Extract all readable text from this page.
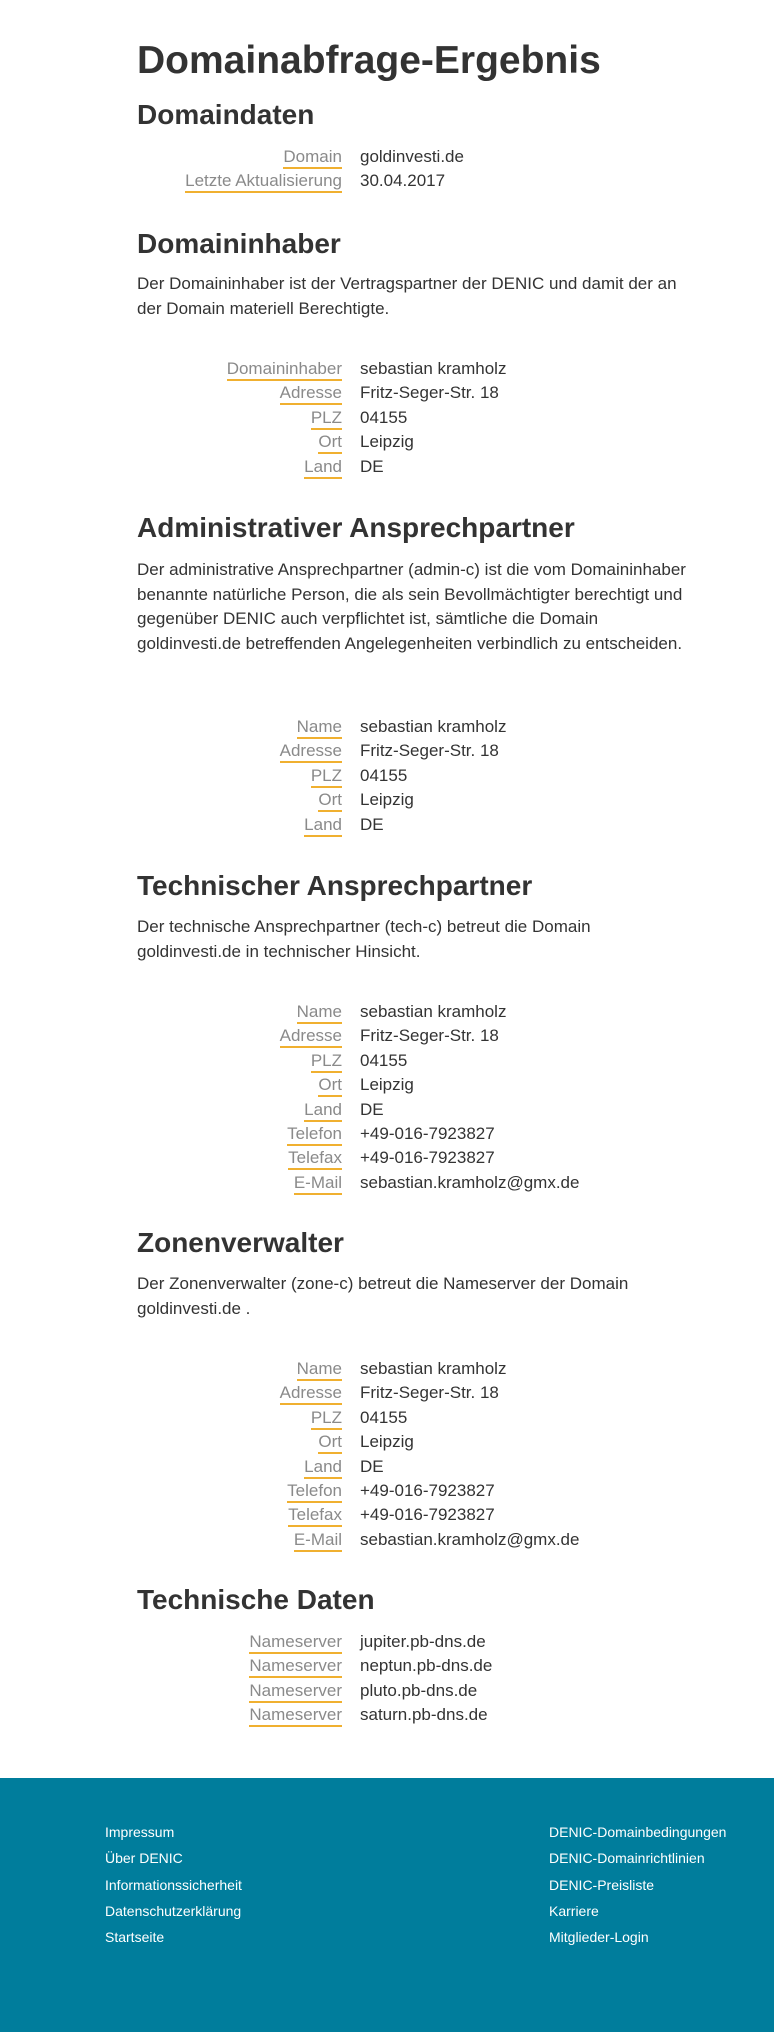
Domainabfrage-Ergebnis
Domaindaten
Domain goldinvesti.de
Letzte Aktualisierung 30.04.2017
Domaininhaber

Der Domaininhaber ist der Vertragspartner der DENIC und damit der an der Domain materiell Berechtigte.

Domaininhaber sebastian kramholz
Adresse Fritz-Seger-Str. 18
PLZ 04155
Ort Leipzig
Land DE
Administrativer Ansprechpartner

Der administrative Ansprechpartner (admin-c) ist die vom Domaininhaber benannte natürliche Person, die als sein Bevollmächtigter berechtigt und gegenüber DENIC auch verpflichtet ist, sämtliche die Domain goldinvesti.de betreffenden Angelegenheiten verbindlich zu entscheiden.

Name sebastian kramholz
Adresse Fritz-Seger-Str. 18
PLZ 04155
Ort Leipzig
Land DE
Technischer Ansprechpartner

Der technische Ansprechpartner (tech-c) betreut die Domain goldinvesti.de in technischer Hinsicht.

Name sebastian kramholz
Adresse Fritz-Seger-Str. 18
PLZ 04155
Ort Leipzig
Land DE
Telefon +49-016-7923827
Telefax +49-016-7923827
E-Mail sebastian.kramholz@gmx.de
Zonenverwalter

Der Zonenverwalter (zone-c) betreut die Nameserver der Domain goldinvesti.de .

Name sebastian kramholz
Adresse Fritz-Seger-Str. 18
PLZ 04155
Ort Leipzig
Land DE
Telefon +49-016-7923827
Telefax +49-016-7923827
E-Mail sebastian.kramholz@gmx.de
Technische Daten
Nameserver jupiter.pb-dns.de
Nameserver neptun.pb-dns.de
Nameserver pluto.pb-dns.de
Nameserver saturn.pb-dns.de
Impressum
Über DENIC
Informationssicherheit
Datenschutzerklärung
Startseite
DENIC-Domainbedingungen
DENIC-Domainrichtlinien
DENIC-Preisliste
Karriere
Mitglieder-Login
